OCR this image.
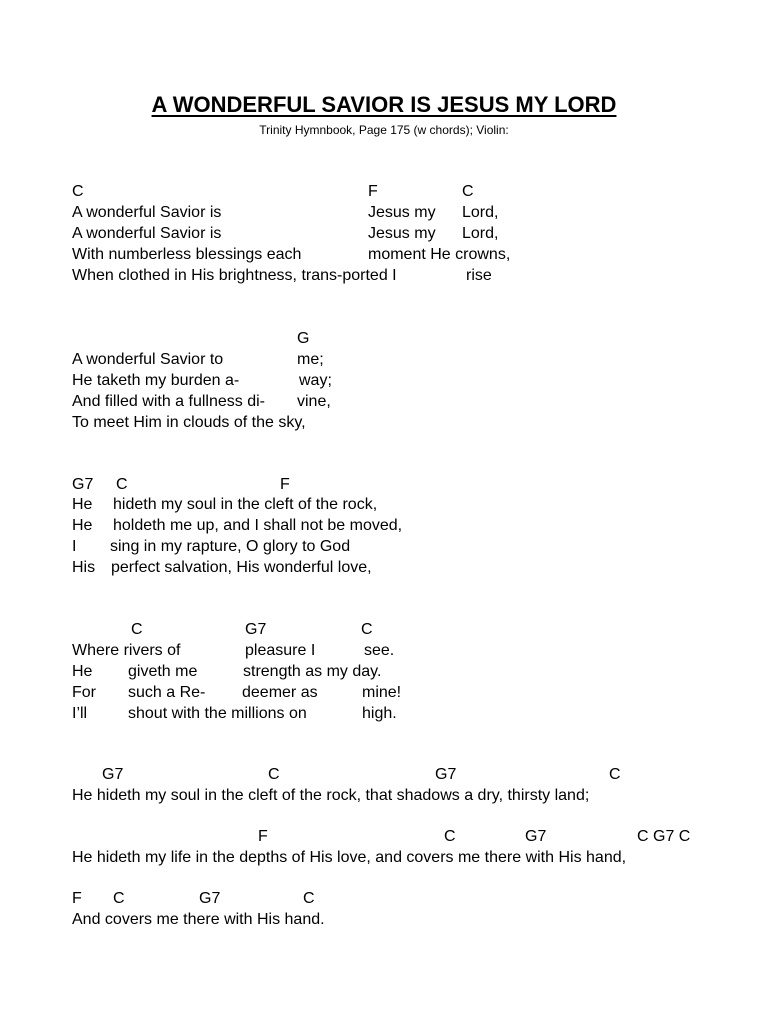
A WONDERFUL SAVIOR IS JESUS MY LORD
Trinity Hymnbook, Page 175 (w chords); Violin:
C	F	C
A wonderful Savior is	Jesus my Lord,
A wonderful Savior is	Jesus my Lord,
With numberless blessings each	moment He crowns,
When clothed in His brightness, trans-ported I	rise
G
A wonderful Savior to	me;
He taketh my burden a-	way;
And filled with a fullness di- vine,
To meet Him in clouds of the sky,
G7 C	F
He hideth my soul in the cleft of the rock,
He holdeth me up, and I shall not be moved,
I sing in my rapture, O glory to God
His perfect salvation, His wonderful love,
C	G7	C
Where rivers of	pleasure I	see.
He giveth me	strength as my day.
For such a Re- deemer as	mine!
I’ll	shout with the millions on	high.
G7	C	G7	C
He hideth my soul in the cleft of the rock, that shadows a dry, thirsty land;
F	C	G7	C G7 C
He hideth my life in the depths of His love, and covers me there with His hand,
F C	G7	C
And covers me there with His hand.
